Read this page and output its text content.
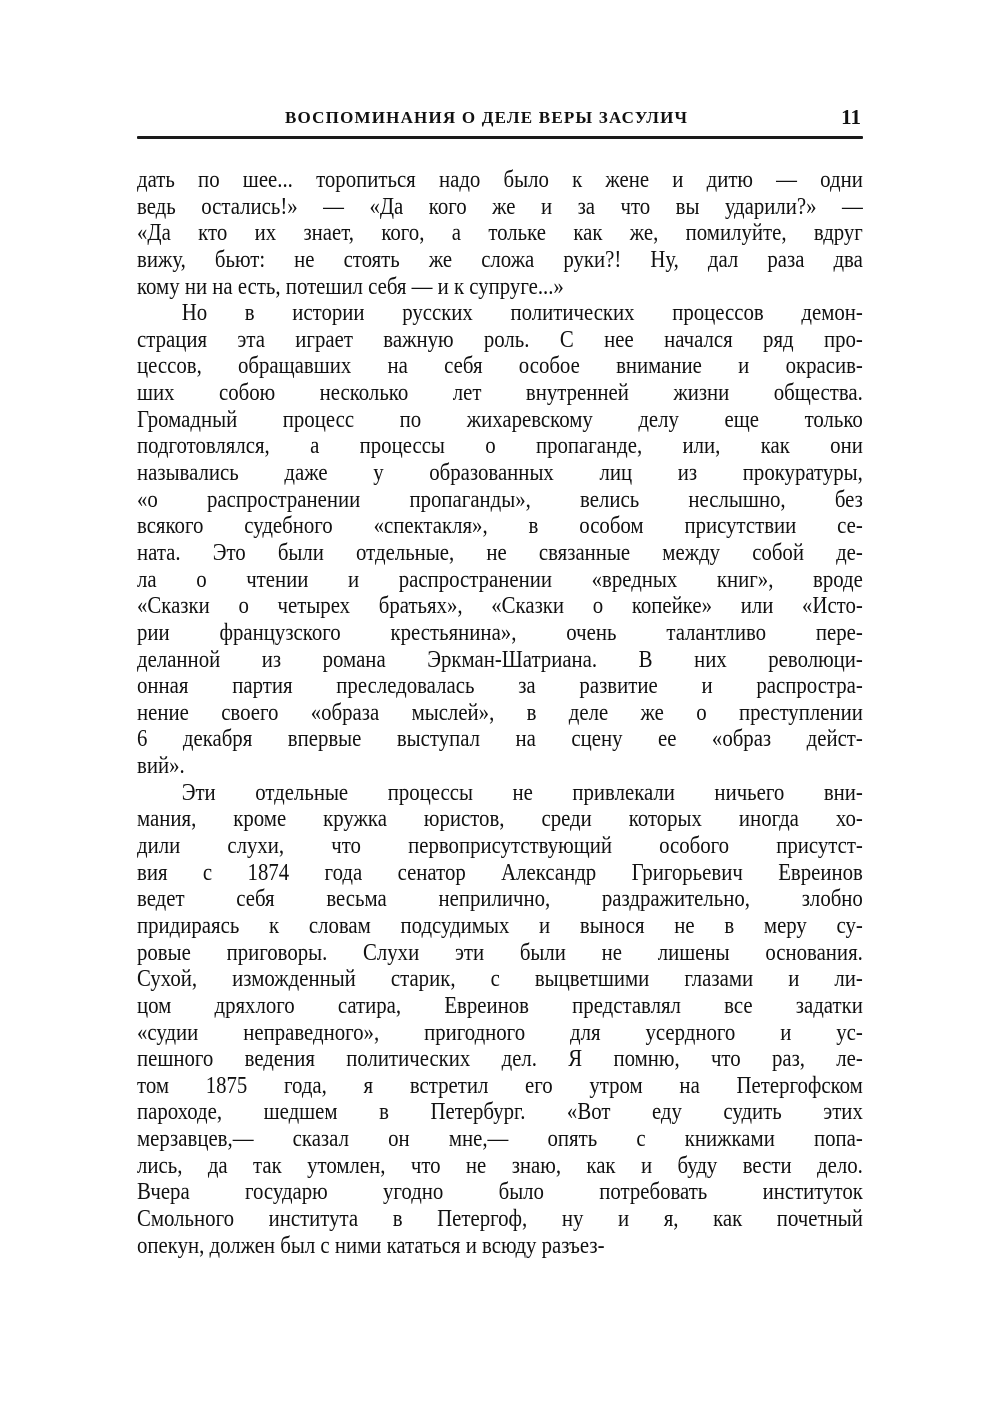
ВОСПОМИНАНИЯ О ДЕЛЕ ВЕРЫ ЗАСУЛИЧ	11
дать по шее... торопиться надо было к жене и дитю — одни
ведь остались!» — «Да кого же и за что вы ударили?» —
«Да кто их знает, кого, а тольке как же, помилуйте, вдруг
вижу, бьют: не стоять же сложа руки?! Ну, дал раза два
кому ни на есть, потешил себя — и к супруге...»
Но в истории русских политических процессов демон-
страция эта играет важную роль. С нее начался ряд про-
цессов, обращавших на себя особое внимание и окрасив-
ших собою несколько лет внутренней жизни общества.
Громадный процесс по жихаревскому делу еще только
подготовлялся, а процессы о пропаганде, или, как они
назывались даже у образованных лиц из прокуратуры,
«о распространении пропаганды», велись неслышно, без
всякого судебного «спектакля», в особом присутствии се-
ната. Это были отдельные, не связанные между собой де-
ла о чтении и распространении «вредных книг», вроде
«Сказки о четырех братьях», «Сказки о копейке» или «Исто-
рии французского крестьянина», очень талантливо пере-
деланной из романа Эркман-Шатриана. В них революци-
онная партия преследовалась за развитие и распростра-
нение своего «образа мыслей», в деле же о преступлении
6 декабря впервые выступал на сцену ее «образ дейст-
вий».
Эти отдельные процессы не привлекали ничьего вни-
мания, кроме кружка юристов, среди которых иногда хо-
дили слухи, что первоприсутствующий особого присутст-
вия с 1874 года сенатор Александр Григорьевич Евреинов
ведет себя весьма неприлично, раздражительно, злобно
придираясь к словам подсудимых и вынося не в меру су-
ровые приговоры. Слухи эти были не лишены основания.
Сухой, изможденный старик, с выцветшими глазами и ли-
цом дряхлого сатира, Евреинов представлял все задатки
«судии неправедного», пригодного для усердного и ус-
пешного ведения политических дел. Я помню, что раз, ле-
том 1875 года, я встретил его утром на Петергофском
пароходе, шедшем в Петербург. «Вот еду судить этих
мерзавцев,— сказал он мне,— опять с книжками попа-
лись, да так утомлен, что не знаю, как и буду вести дело.
Вчера государю угодно было потребовать институток
Смольного института в Петергоф, ну и я, как почетный
опекун, должен был с ними кататься и всюду разъез-
